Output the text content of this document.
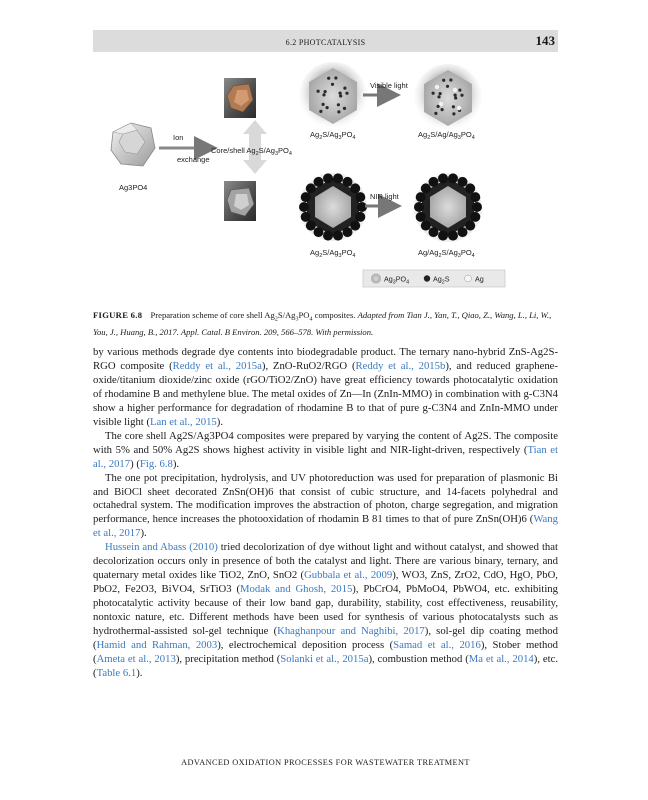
6.2 PHOTCATALYSIS	143
Ag3PO4
Ion
exchange
Core/shell $Ag_2S/Ag_3PO_4$
$Ag_2S/Ag_3PO_4$
Visible light
$Ag_2S/Ag/Ag_3PO_4$
$Ag_2S/Ag_3PO_4$
NIR light
$Ag/Ag_2S/Ag_3PO_4$
$Ag_3PO_4$	$Ag_2S$	Ag
FIGURE 6.8 Preparation scheme of core shell $Ag_2S/Ag_3PO_4$ composites. Adapted from Tian J., Yan, T., Qiao, Z., Wang, L., Li, W., You, J., Huang, B., 2017. Appl. Catal. B Environ. 209, 566–578. With permission.

by various methods degrade dye contents into biodegradable product. The ternary nano-hybrid ZnS-Ag2S-RGO composite (Reddy et al., 2015a), ZnO-RuO2/RGO (Reddy et al., 2015b), and reduced graphene-oxide/titanium dioxide/zinc oxide (rGO/TiO2/ZnO) have great efficiency towards photocatalytic oxidation of rhodamine B and methylene blue. The metal oxides of Zn—In (ZnIn-MMO) in combination with g-C3N4 show a higher performance for degradation of rhodamine B to that of pure g-C3N4 and ZnIn-MMO under visible light (Lan et al., 2015).

The core shell Ag2S/Ag3PO4 composites were prepared by varying the content of Ag2S. The composite with 5% and 50% Ag2S shows highest activity in visible light and NIR-light-driven, respectively (Tian et al., 2017) (Fig. 6.8).

The one pot precipitation, hydrolysis, and UV photoreduction was used for preparation of plasmonic Bi and BiOCl sheet decorated ZnSn(OH)6 that consist of cubic structure, and 14-facets polyhedral and octahedral system. The modification improves the abstraction of photon, charge segregation, and migration performance, hence increases the photooxidation of rhodamin B 81 times to that of pure ZnSn(OH)6 (Wang et al., 2017).

Hussein and Abass (2010) tried decolorization of dye without light and without catalyst, and showed that decolorization occurs only in presence of both the catalyst and light. There are various binary, ternary, and quaternary metal oxides like TiO2, ZnO, SnO2 (Gubbala et al., 2009), WO3, ZnS, ZrO2, CdO, HgO, PbO, PbO2, Fe2O3, BiVO4, SrTiO3 (Modak and Ghosh, 2015), PbCrO4, PbMoO4, PbWO4, etc. exhibiting photocatalytic activity because of their low band gap, durability, stability, cost effectiveness, reusability, nontoxic nature, etc. Different methods have been used for synthesis of various photocatalysts such as hydrothermal-assisted sol-gel technique (Khaghanpour and Naghibi, 2017), sol-gel dip coating method (Hamid and Rahman, 2003), electrochemical deposition process (Samad et al., 2016), Stober method (Ameta et al., 2013), precipitation method (Solanki et al., 2015a), combustion method (Ma et al., 2014), etc. (Table 6.1).

ADVANCED OXIDATION PROCESSES FOR WASTEWATER TREATMENT
